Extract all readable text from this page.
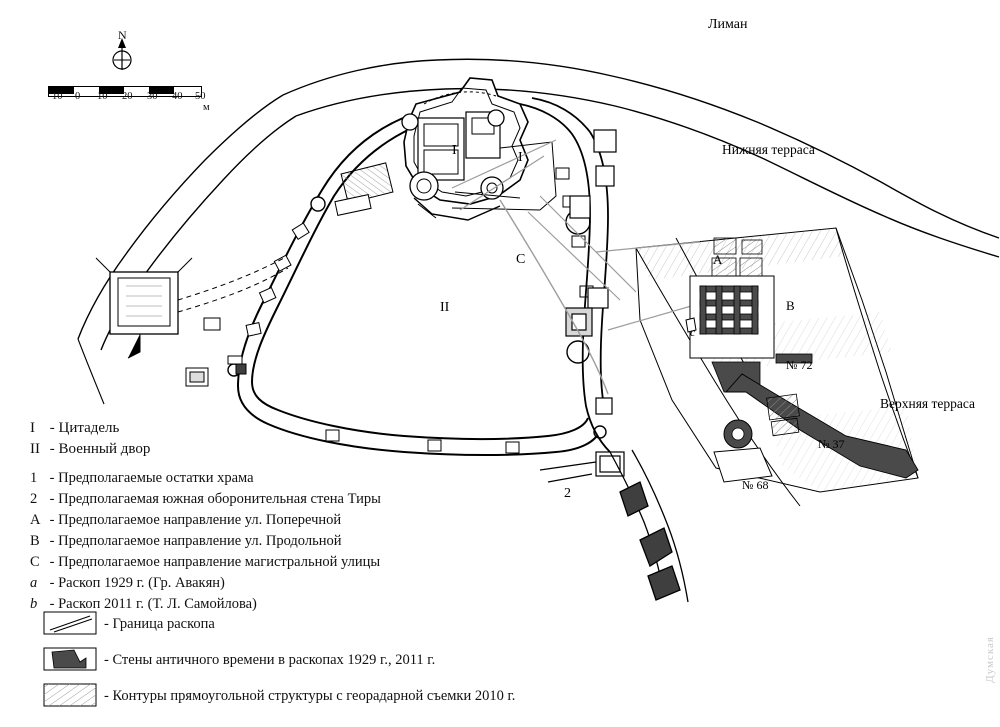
10 0 10 20 30 40 50
м
N
Лиман
Нижняя терраса
Верхняя терраса
I	I
II
C	A
B
c
2
№ 72
№ 37
№ 68
I - Цитадель
II - Военный двор
1 - Предполагаемые остатки храма
2 - Предполагаемая южная оборонительная стена Тиры
A - Предполагаемое направление ул. Поперечной
B - Предполагаемое направление ул. Продольной
C - Предполагаемое направление магистральной улицы
a - Раскоп 1929 г. (Гр. Авакян)
b - Раскоп 2011 г. (Т. Л. Самойлова)
- Граница раскопа
- Стены античного времени в раскопах 1929 г., 2011 г.
- Контуры прямоугольной структуры с георадарной съемки 2010 г.
Думская
